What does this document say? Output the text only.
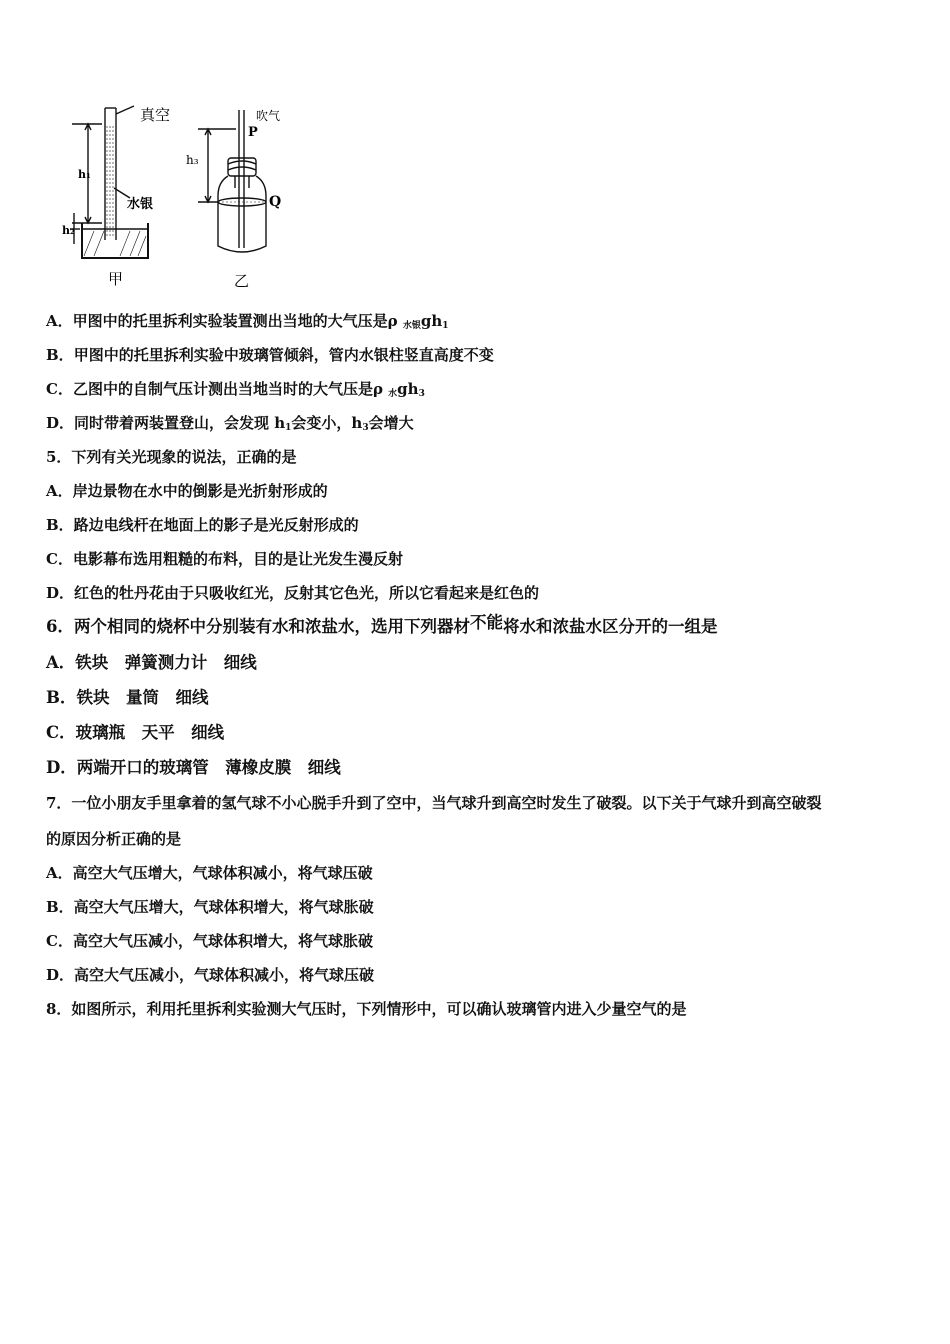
真空
h₁
h₂
水银
甲
吹气
P
h₃
Q
乙
A．甲图中的托里拆利实验装置测出当地的大气压是ρ $_{水银}gh_1$
B．甲图中的托里拆利实验中玻璃管倾斜，管内水银柱竖直高度不变
C．乙图中的自制气压计测出当地当时的大气压是ρ $_水gh_3$
D．同时带着两装置登山，会发现 $h_1$会变小，$h_3$会增大
5．下列有关光现象的说法，正确的是
A．岸边景物在水中的倒影是光折射形成的
B．路边电线杆在地面上的影子是光反射形成的
C．电影幕布选用粗糙的布料，目的是让光发生漫反射
D．红色的牡丹花由于只吸收红光，反射其它色光，所以它看起来是红色的
6．两个相同的烧杯中分别装有水和浓盐水，选用下列器材不能将水和浓盐水区分开的一组是
A．铁块　弹簧测力计　细线
B．铁块　量筒　细线
C．玻璃瓶　天平　细线
D．两端开口的玻璃管　薄橡皮膜　细线
7．一位小朋友手里拿着的氢气球不小心脱手升到了空中，当气球升到高空时发生了破裂。以下关于气球升到高空破裂
的原因分析正确的是
A．高空大气压增大，气球体积减小，将气球压破
B．高空大气压增大，气球体积增大，将气球胀破
C．高空大气压减小，气球体积增大，将气球胀破
D．高空大气压减小，气球体积减小，将气球压破
8．如图所示，利用托里拆利实验测大气压时，下列情形中，可以确认玻璃管内进入少量空气的是
